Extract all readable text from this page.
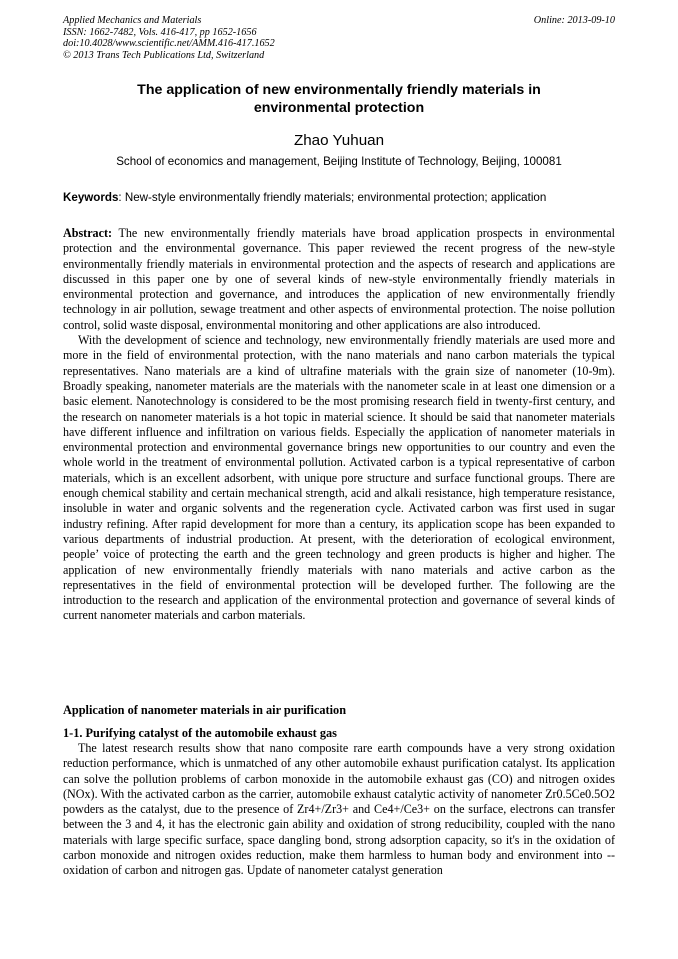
Applied Mechanics and Materials
ISSN: 1662-7482, Vols. 416-417, pp 1652-1656
doi:10.4028/www.scientific.net/AMM.416-417.1652
© 2013 Trans Tech Publications Ltd, Switzerland
Online: 2013-09-10
The application of new environmentally friendly materials in
environmental protection
Zhao Yuhuan
School of economics and management, Beijing Institute of Technology, Beijing, 100081
Keywords: New-style environmentally friendly materials; environmental protection; application

Abstract: The new environmentally friendly materials have broad application prospects in environmental protection and the environmental governance. This paper reviewed the recent progress of the new-style environmentally friendly materials in environmental protection and the aspects of research and applications are discussed in this paper one by one of several kinds of new-style environmentally friendly materials in environmental protection and governance, and introduces the application of new environmentally friendly technology in air pollution, sewage treatment and other aspects of environmental protection. The noise pollution control, solid waste disposal, environmental monitoring and other applications are also introduced.

With the development of science and technology, new environmentally friendly materials are used more and more in the field of environmental protection, with the nano materials and nano carbon materials the typical representatives. Nano materials are a kind of ultrafine materials with the grain size of nanometer (10-9m). Broadly speaking, nanometer materials are the materials with the nanometer scale in at least one dimension or a basic element. Nanotechnology is considered to be the most promising research field in twenty-first century, and the research on nanometer materials is a hot topic in material science. It should be said that nanometer materials have different influence and infiltration on various fields. Especially the application of nanometer materials in environmental protection and environmental governance brings new opportunities to our country and even the whole world in the treatment of environmental pollution. Activated carbon is a typical representative of carbon materials, which is an excellent adsorbent, with unique pore structure and surface functional groups. There are enough chemical stability and certain mechanical strength, acid and alkali resistance, high temperature resistance, insoluble in water and organic solvents and the regeneration cycle. Activated carbon was first used in sugar industry refining. After rapid development for more than a century, its application scope has been expanded to various departments of industrial production. At present, with the deterioration of ecological environment, people’ voice of protecting the earth and the green technology and green products is higher and higher. The application of new environmentally friendly materials with nano materials and active carbon as the representatives in the field of environmental protection will be developed further. The following are the introduction to the research and application of the environmental protection and governance of several kinds of current nanometer materials and carbon materials.

Application of nanometer materials in air purification
1-1. Purifying catalyst of the automobile exhaust gas

The latest research results show that nano composite rare earth compounds have a very strong oxidation reduction performance, which is unmatched of any other automobile exhaust purification catalyst. Its application can solve the pollution problems of carbon monoxide in the automobile exhaust gas (CO) and nitrogen oxides (NOx). With the activated carbon as the carrier, automobile exhaust catalytic activity of nanometer Zr0.5Ce0.5O2 powders as the catalyst, due to the presence of Zr4+/Zr3+ and Ce4+/Ce3+ on the surface, electrons can transfer between the 3 and 4, it has the electronic gain ability and oxidation of strong reducibility, coupled with the nano materials with large specific surface, space dangling bond, strong adsorption capacity, so it's in the oxidation of carbon monoxide and nitrogen oxides reduction, make them harmless to human body and environment into -- oxidation of carbon and nitrogen gas. Update of nanometer catalyst generation
